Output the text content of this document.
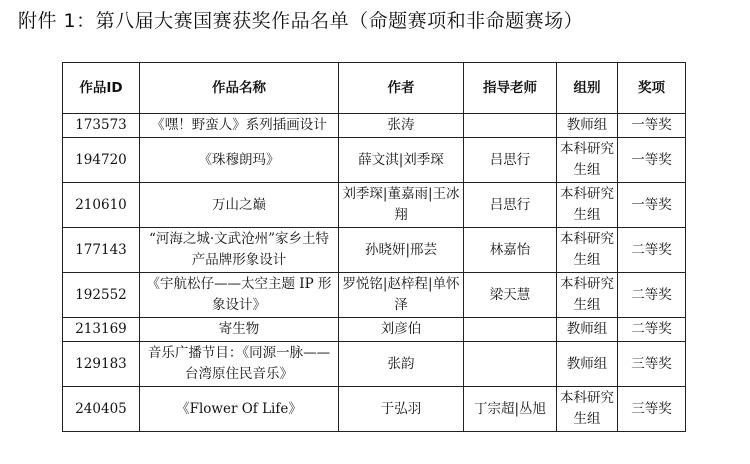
附件 1：第八届大赛国赛获奖作品名单（命题赛项和非命题赛场）
作品ID	作品名称	作者	指导老师	组别	奖项
173573	《嘿！野蛮人》系列插画设计	张涛		教师组	一等奖
194720	《珠穆朗玛》	薛文淇|刘季琛	吕思行	本科研究生组	一等奖
210610	万山之巅	刘季琛|董嘉雨|王冰翔	吕思行	本科研究生组	一等奖
177143	“河海之城·文武沧州”家乡土特产品牌形象设计	孙晓妍|邢芸	林嘉怡	本科研究生组	二等奖
192552	《宇航松仔——太空主题 IP 形象设计》	罗悦铭|赵梓程|单怀泽	梁天慧	本科研究生组	二等奖
213169	寄生物	刘彦伯		教师组	二等奖
129183	音乐广播节目：《同源一脉——台湾原住民音乐》	张韵		教师组	三等奖
240405	《Flower Of Life》	于弘羽	丁宗超|丛旭	本科研究生组	三等奖
